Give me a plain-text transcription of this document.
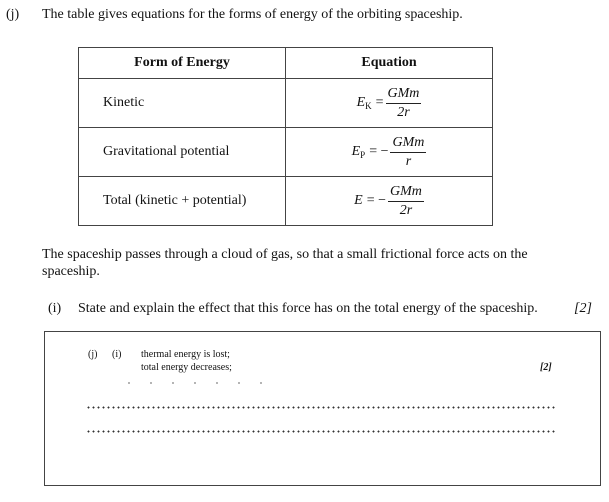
(j) The table gives equations for the forms of energy of the orbiting spaceship.
Form of Energy	Equation
Kinetic	$E_K = \frac{\text{GMm}}{2r}$

Gravitational potential	$E_P$ = − $\frac{\text{GMm}}{r}$

Total (kinetic + potential)	E = − $\frac{\text{GMm}}{2r}$
The spaceship passes through a cloud of gas, so that a small frictional force acts on the spaceship.
(i) State and explain the effect that this force has on the total energy of the spaceship.	[2]
(j) (i) thermal energy is lost;
total energy decreases;	[2]
